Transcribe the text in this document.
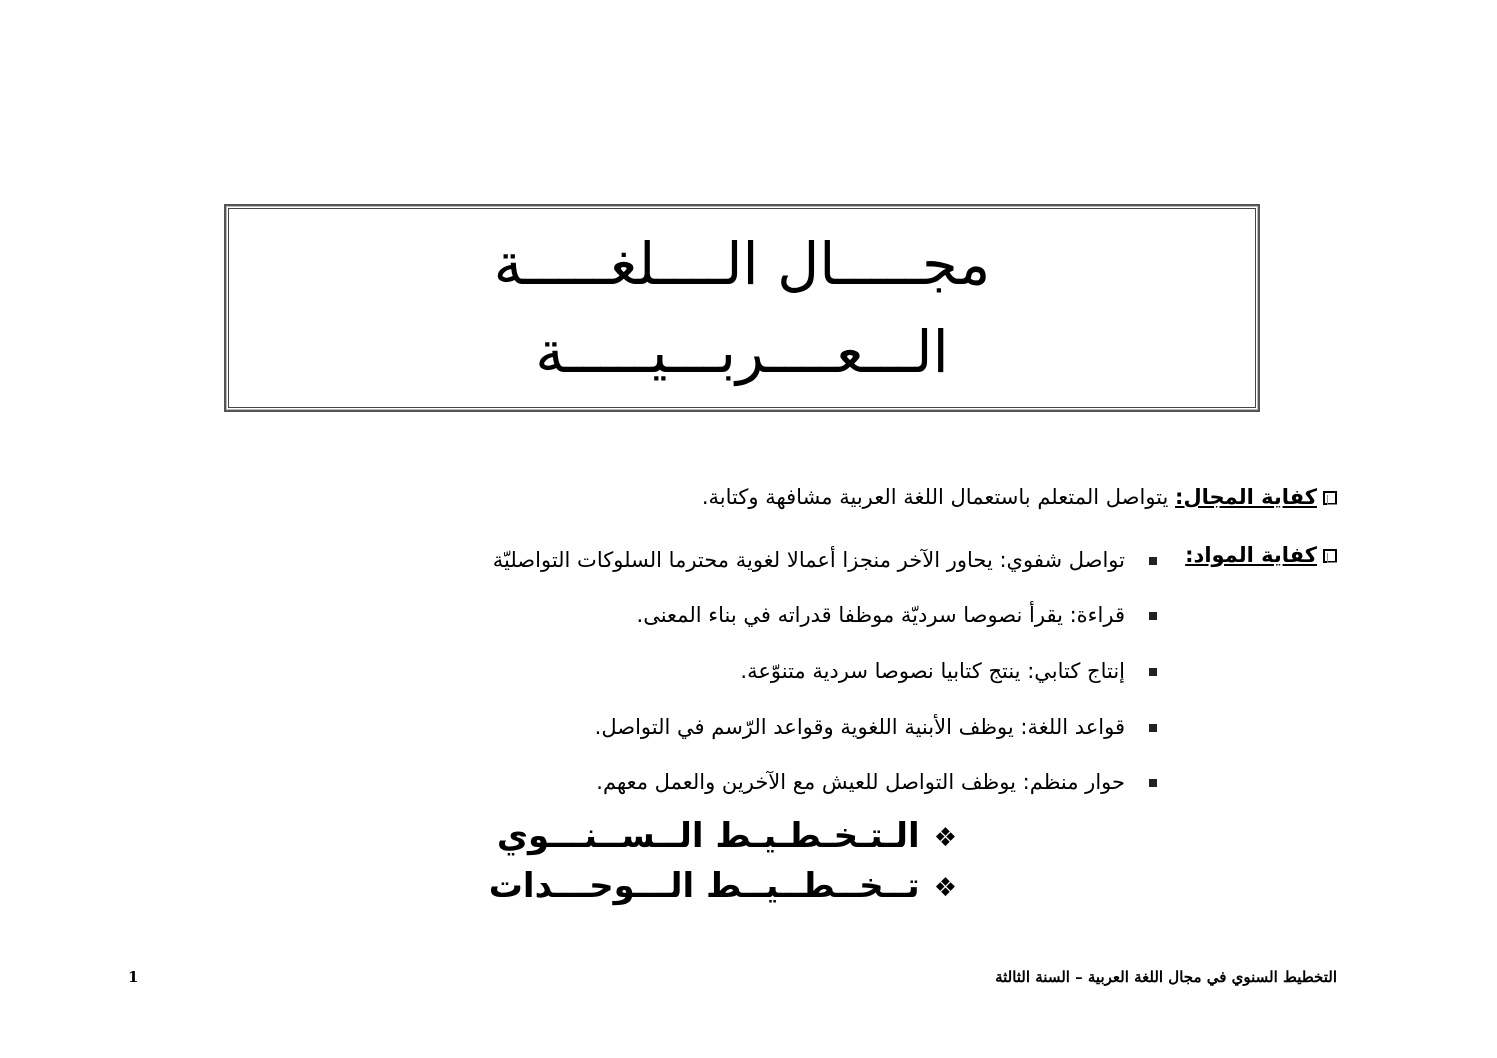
مجـــــال الــــلغـــــة
الـــعــــربـــيـــــة
كفاية المجال: يتواصل المتعلم باستعمال اللغة العربية مشافهة وكتابة.
كفاية المواد:
تواصل شفوي: يحاور الآخر منجزا أعمالا لغوية محترما السلوكات التواصليّة
قراءة: يقرأ نصوصا سرديّة موظفا قدراته في بناء المعنى.
إنتاج كتابي: ينتج كتابيا نصوصا سردية متنوّعة.
قواعد اللغة: يوظف الأبنية اللغوية وقواعد الرّسم في التواصل.
حوار منظم: يوظف التواصل للعيش مع الآخرين والعمل معهم.
❖الـتـخـطـيـط الــســنـــوي
❖تــخــطــيــط الـــوحـــدات
التخطيط السنوي في مجال اللغة العربية – السنة الثالثة
1
